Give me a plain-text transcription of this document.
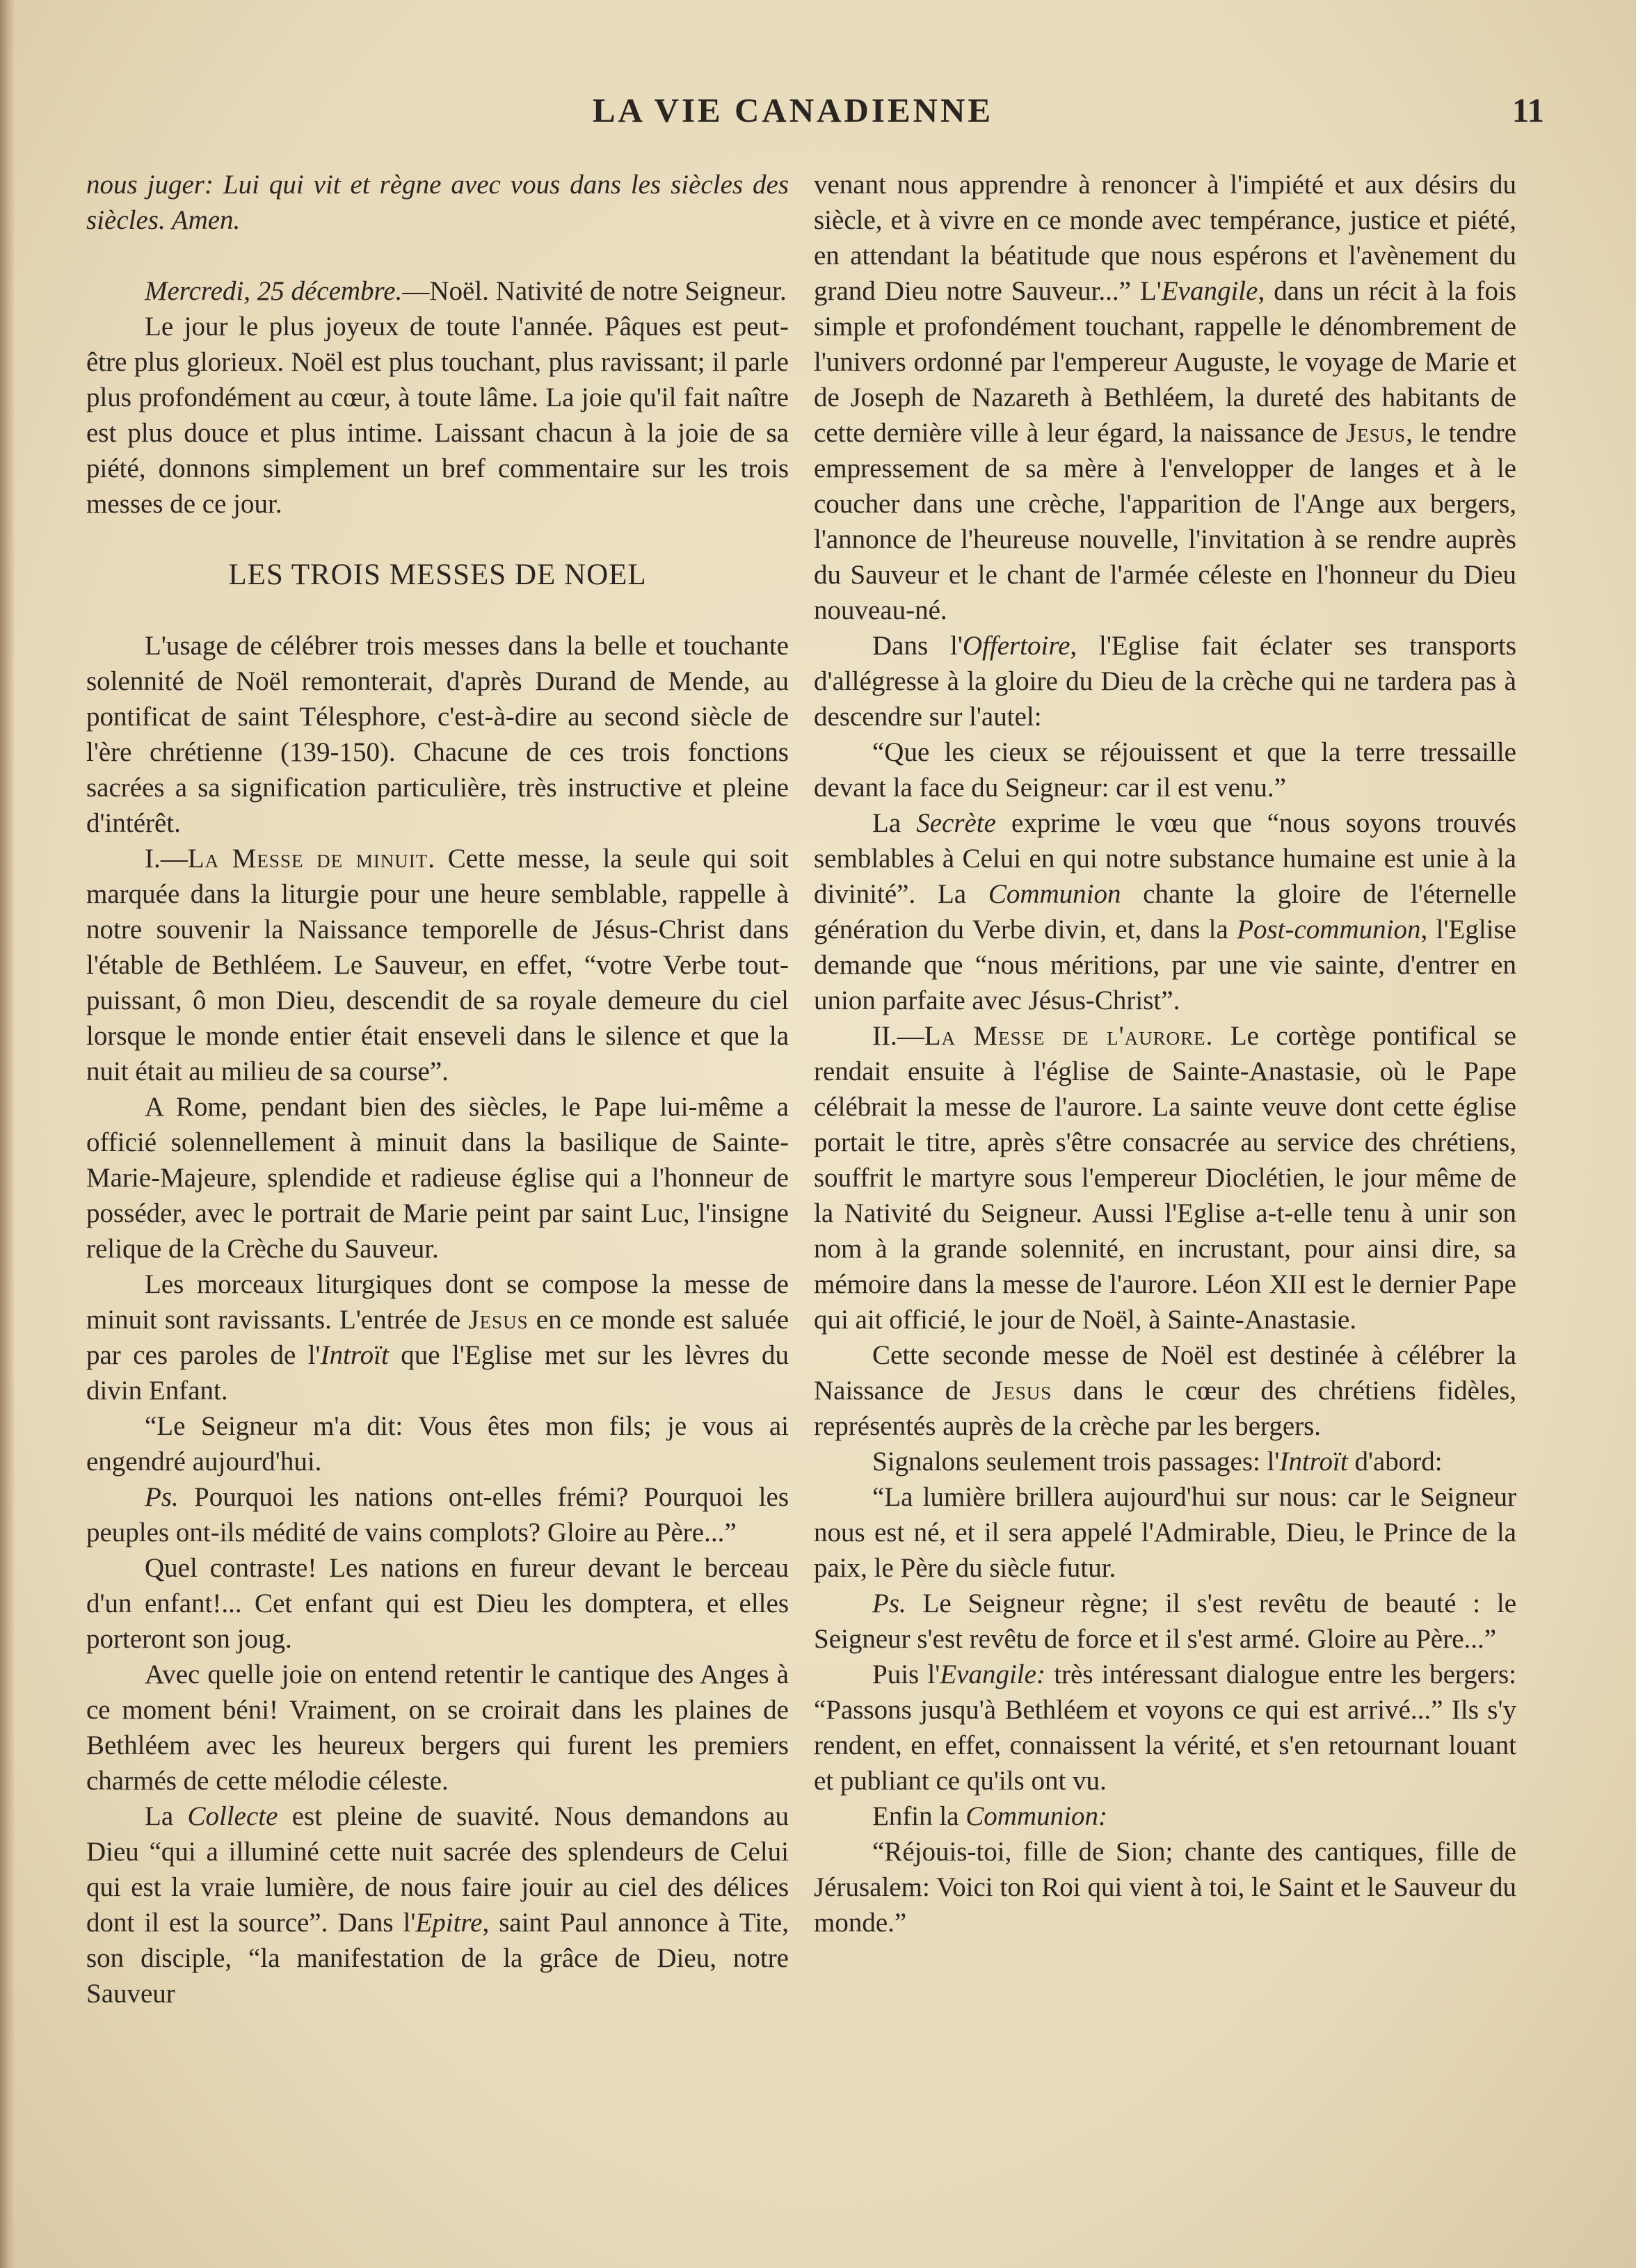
LA VIE CANADIENNE	11

nous juger: Lui qui vit et règne avec vous dans les siècles des siècles. Amen.

Mercredi, 25 décembre.—Noël. Nativité de notre Seigneur.

Le jour le plus joyeux de toute l'année. Pâques est peut-être plus glorieux. Noël est plus touchant, plus ravissant; il parle plus profondément au cœur, à toute lâme. La joie qu'il fait naître est plus douce et plus intime. Laissant chacun à la joie de sa piété, donnons simplement un bref commentaire sur les trois messes de ce jour.

LES TROIS MESSES DE NOEL

L'usage de célébrer trois messes dans la belle et touchante solennité de Noël remonterait, d'après Durand de Mende, au pontificat de saint Télesphore, c'est-à-dire au second siècle de l'ère chrétienne (139-150). Chacune de ces trois fonctions sacrées a sa signification particulière, très instructive et pleine d'intérêt.

I.—La Messe de minuit. Cette messe, la seule qui soit marquée dans la liturgie pour une heure semblable, rappelle à notre souvenir la Naissance temporelle de Jésus-Christ dans l'étable de Bethléem. Le Sauveur, en effet, “votre Verbe tout-puissant, ô mon Dieu, descendit de sa royale demeure du ciel lorsque le monde entier était enseveli dans le silence et que la nuit était au milieu de sa course”.

A Rome, pendant bien des siècles, le Pape lui-même a officié solennellement à minuit dans la basilique de Sainte-Marie-Majeure, splendide et radieuse église qui a l'honneur de posséder, avec le portrait de Marie peint par saint Luc, l'insigne relique de la Crèche du Sauveur.

Les morceaux liturgiques dont se compose la messe de minuit sont ravissants. L'entrée de Jesus en ce monde est saluée par ces paroles de l'Introït que l'Eglise met sur les lèvres du divin Enfant.

“Le Seigneur m'a dit: Vous êtes mon fils; je vous ai engendré aujourd'hui.

Ps. Pourquoi les nations ont-elles frémi? Pourquoi les peuples ont-ils médité de vains complots? Gloire au Père...”

Quel contraste! Les nations en fureur devant le berceau d'un enfant!... Cet enfant qui est Dieu les domptera, et elles porteront son joug.

Avec quelle joie on entend retentir le cantique des Anges à ce moment béni! Vraiment, on se croirait dans les plaines de Bethléem avec les heureux bergers qui furent les premiers charmés de cette mélodie céleste.

La Collecte est pleine de suavité. Nous demandons au Dieu “qui a illuminé cette nuit sacrée des splendeurs de Celui qui est la vraie lumière, de nous faire jouir au ciel des délices dont il est la source”. Dans l'Epitre, saint Paul annonce à Tite, son disciple, “la manifestation de la grâce de Dieu, notre Sauveur

venant nous apprendre à renoncer à l'impiété et aux désirs du siècle, et à vivre en ce monde avec tempérance, justice et piété, en attendant la béatitude que nous espérons et l'avènement du grand Dieu notre Sauveur...” L'Evangile, dans un récit à la fois simple et profondément touchant, rappelle le dénombrement de l'univers ordonné par l'empereur Auguste, le voyage de Marie et de Joseph de Nazareth à Bethléem, la dureté des habitants de cette dernière ville à leur égard, la naissance de Jesus, le tendre empressement de sa mère à l'envelopper de langes et à le coucher dans une crèche, l'apparition de l'Ange aux bergers, l'annonce de l'heureuse nouvelle, l'invitation à se rendre auprès du Sauveur et le chant de l'armée céleste en l'honneur du Dieu nouveau-né.

Dans l'Offertoire, l'Eglise fait éclater ses transports d'allégresse à la gloire du Dieu de la crèche qui ne tardera pas à descendre sur l'autel:

“Que les cieux se réjouissent et que la terre tressaille devant la face du Seigneur: car il est venu.”

La Secrète exprime le vœu que “nous soyons trouvés semblables à Celui en qui notre substance humaine est unie à la divinité”. La Communion chante la gloire de l'éternelle génération du Verbe divin, et, dans la Post-communion, l'Eglise demande que “nous méritions, par une vie sainte, d'entrer en union parfaite avec Jésus-Christ”.

II.—La Messe de l'aurore. Le cortège pontifical se rendait ensuite à l'église de Sainte-Anastasie, où le Pape célébrait la messe de l'aurore. La sainte veuve dont cette église portait le titre, après s'être consacrée au service des chrétiens, souffrit le martyre sous l'empereur Dioclétien, le jour même de la Nativité du Seigneur. Aussi l'Eglise a-t-elle tenu à unir son nom à la grande solennité, en incrustant, pour ainsi dire, sa mémoire dans la messe de l'aurore. Léon XII est le dernier Pape qui ait officié, le jour de Noël, à Sainte-Anastasie.

Cette seconde messe de Noël est destinée à célébrer la Naissance de Jesus dans le cœur des chrétiens fidèles, représentés auprès de la crèche par les bergers.

Signalons seulement trois passages: l'Introït d'abord:

“La lumière brillera aujourd'hui sur nous: car le Seigneur nous est né, et il sera appelé l'Admirable, Dieu, le Prince de la paix, le Père du siècle futur.

Ps. Le Seigneur règne; il s'est revêtu de beauté : le Seigneur s'est revêtu de force et il s'est armé. Gloire au Père...”

Puis l'Evangile: très intéressant dialogue entre les bergers: “Passons jusqu'à Bethléem et voyons ce qui est arrivé...” Ils s'y rendent, en effet, connaissent la vérité, et s'en retournant louant et publiant ce qu'ils ont vu.

Enfin la Communion:

“Réjouis-toi, fille de Sion; chante des cantiques, fille de Jérusalem: Voici ton Roi qui vient à toi, le Saint et le Sauveur du monde.”
